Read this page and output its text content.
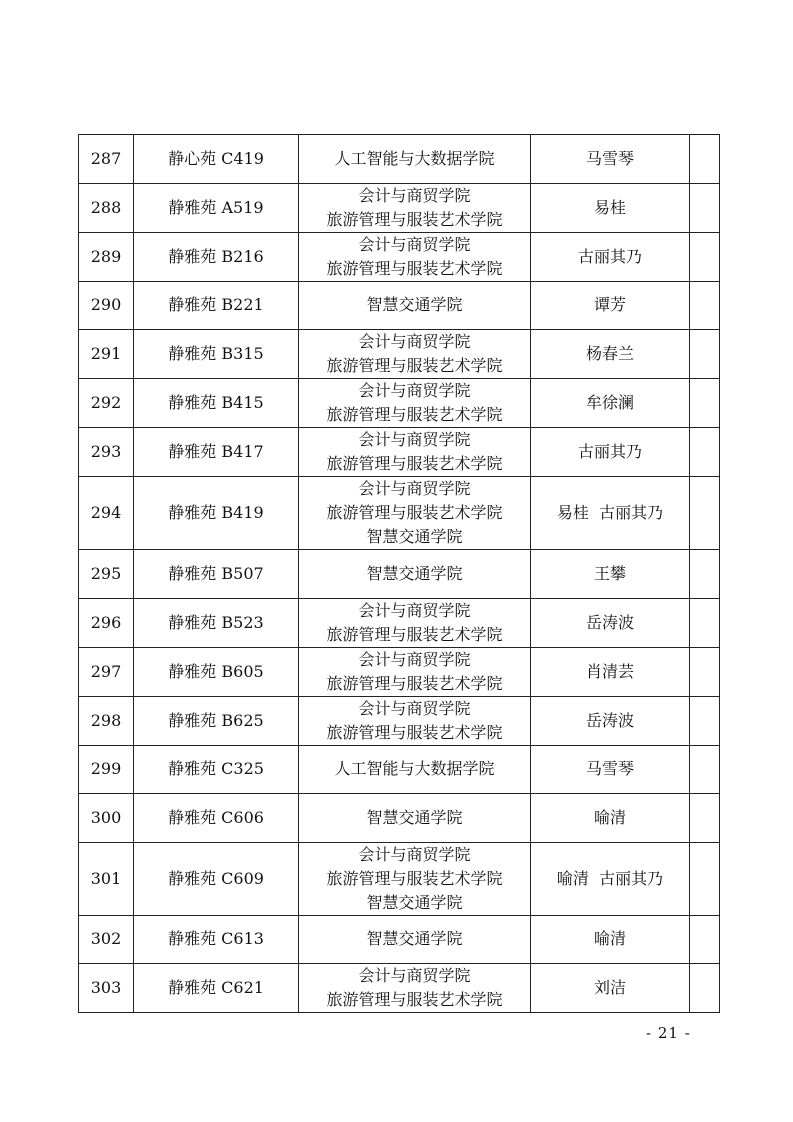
287	静心苑 C419	人工智能与大数据学院	马雪琴	
288	静雅苑 A519	会计与商贸学院
旅游管理与服装艺术学院	易桂	
289	静雅苑 B216	会计与商贸学院
旅游管理与服装艺术学院	古丽其乃	
290	静雅苑 B221	智慧交通学院	谭芳	
291	静雅苑 B315	会计与商贸学院
旅游管理与服装艺术学院	杨春兰	
292	静雅苑 B415	会计与商贸学院
旅游管理与服装艺术学院	牟徐澜	
293	静雅苑 B417	会计与商贸学院
旅游管理与服装艺术学院	古丽其乃	
294	静雅苑 B419	会计与商贸学院
旅游管理与服装艺术学院
智慧交通学院	易桂  古丽其乃	
295	静雅苑 B507	智慧交通学院	王攀	
296	静雅苑 B523	会计与商贸学院
旅游管理与服装艺术学院	岳涛波	
297	静雅苑 B605	会计与商贸学院
旅游管理与服装艺术学院	肖清芸	
298	静雅苑 B625	会计与商贸学院
旅游管理与服装艺术学院	岳涛波	
299	静雅苑 C325	人工智能与大数据学院	马雪琴	
300	静雅苑 C606	智慧交通学院	喻清	
301	静雅苑 C609	会计与商贸学院
旅游管理与服装艺术学院
智慧交通学院	喻清  古丽其乃	
302	静雅苑 C613	智慧交通学院	喻清	
303	静雅苑 C621	会计与商贸学院
旅游管理与服装艺术学院	刘洁	
- 21 -
